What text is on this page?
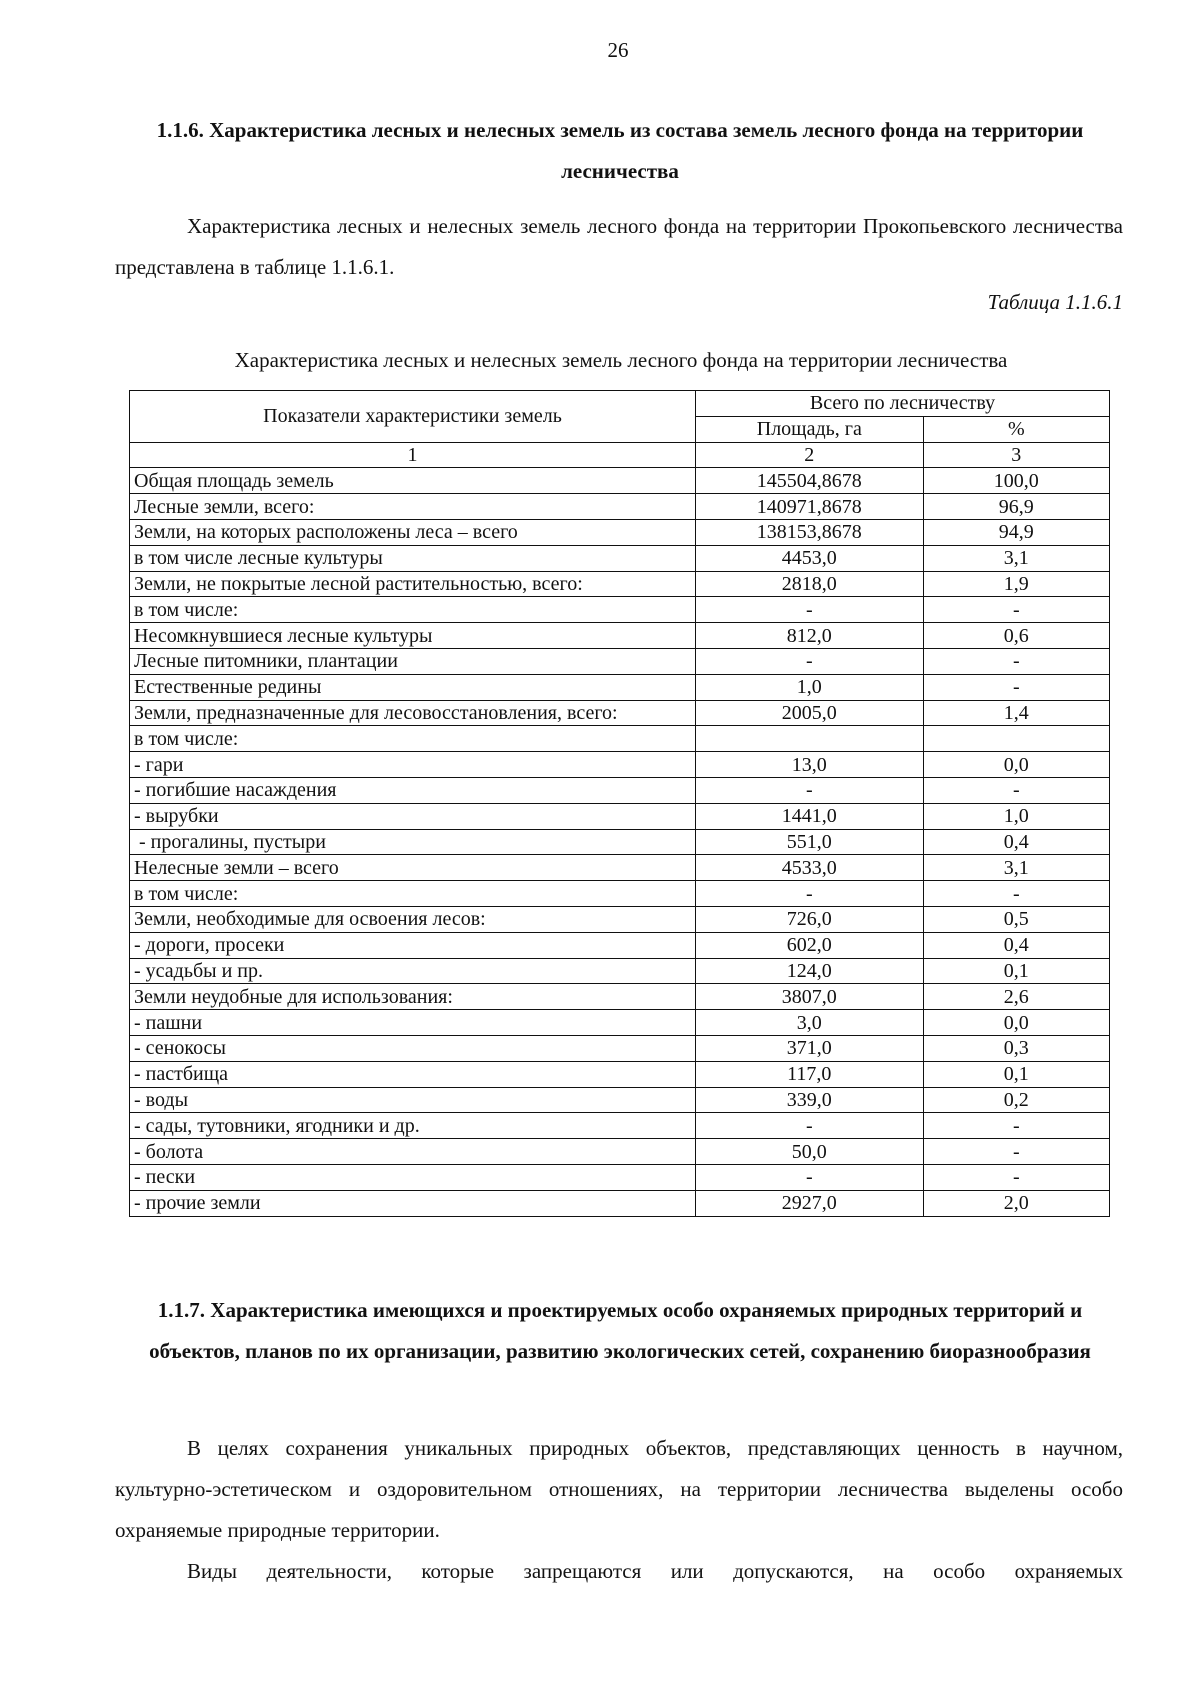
26
1.1.6. Характеристика лесных и нелесных земель из состава земель лесного фонда на территории лесничества

Характеристика лесных и нелесных земель лесного фонда на территории Прокопьевского лесничества представлена в таблице 1.1.6.1.

Таблица 1.1.6.1
Характеристика лесных и нелесных земель лесного фонда на территории лесничества
Показатели характеристики земель	Всего по лесничеству	
	Площадь, га	%
1	2	3
Общая площадь земель	145504,8678	100,0
Лесные земли, всего:	140971,8678	96,9
Земли, на которых расположены леса – всего	138153,8678	94,9
в том числе лесные культуры	4453,0	3,1
Земли, не покрытые лесной растительностью, всего:	2818,0	1,9
в том числе:	-	-
Несомкнувшиеся лесные культуры	812,0	0,6
Лесные питомники, плантации	-	-
Естественные редины	1,0	-
Земли, предназначенные для лесовосстановления, всего:	2005,0	1,4
в том числе:		
- гари	13,0	0,0
- погибшие насаждения	-	-
- вырубки	1441,0	1,0
- прогалины, пустыри	551,0	0,4
Нелесные земли – всего	4533,0	3,1
в том числе:	-	-
Земли, необходимые для освоения лесов:	726,0	0,5
- дороги, просеки	602,0	0,4
- усадьбы и пр.	124,0	0,1
Земли неудобные для использования:	3807,0	2,6
- пашни	3,0	0,0
- сенокосы	371,0	0,3
- пастбища	117,0	0,1
- воды	339,0	0,2
- сады, тутовники, ягодники и др.	-	-
- болота	50,0	-
- пески	-	-
- прочие земли	2927,0	2,0
1.1.7. Характеристика имеющихся и проектируемых особо охраняемых природных территорий и объектов, планов по их организации, развитию экологических сетей, сохранению биоразнообразия

В целях сохранения уникальных природных объектов, представляющих ценность в научном, культурно-эстетическом и оздоровительном отношениях, на территории лесничества выделены особо охраняемые природные территории.

Виды деятельности, которые запрещаются или допускаются, на особо охраняемых
